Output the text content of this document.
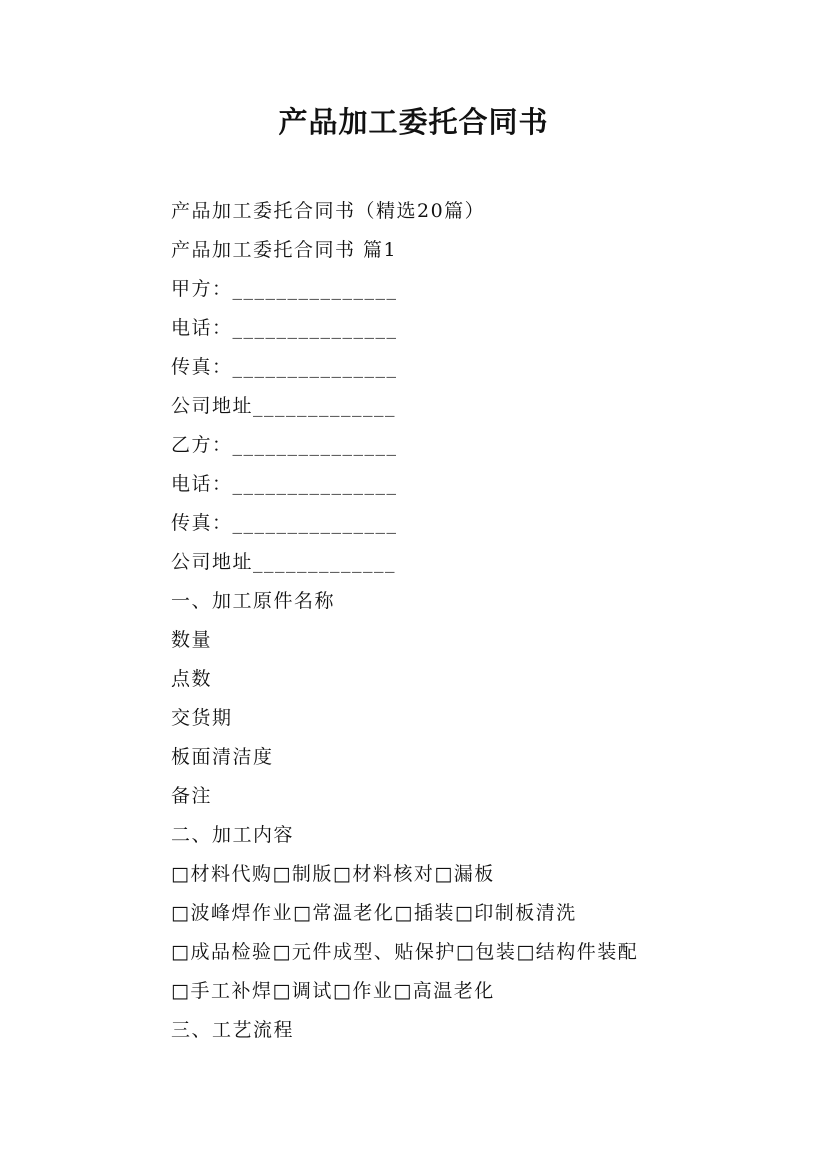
产品加工委托合同书
产品加工委托合同书（精选20篇）
产品加工委托合同书 篇1
甲方：_______________
电话：_______________
传真：_______________
公司地址_____________
乙方：_______________
电话：_______________
传真：_______________
公司地址_____________
一、加工原件名称
数量
点数
交货期
板面清洁度
备注
二、加工内容
□材料代购□制版□材料核对□漏板
□波峰焊作业□常温老化□插装□印制板清洗
□成品检验□元件成型、贴保护□包装□结构件装配
□手工补焊□调试□作业□高温老化
三、工艺流程
